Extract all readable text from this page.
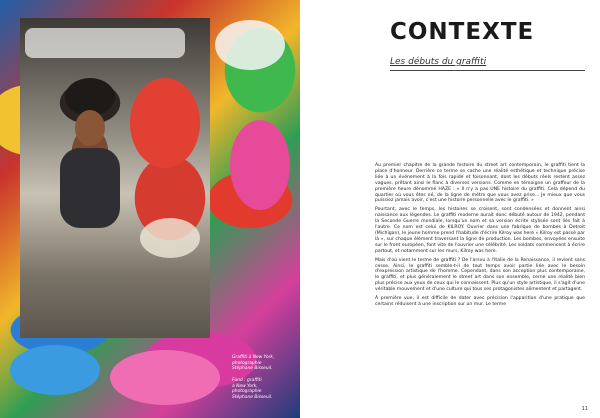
Graffiti à New York,
photographie
Stéphane Bisseuil.
Fond : graffiti
à New York,
photographie
Stéphane Bisseuil.
CONTEXTE
Les débuts du graffiti

Au premier chapitre de la grande histoire du street art contemporain, le graffiti tient la place d'honneur. Derrière ce terme se cache une réalité esthétique et technique précise liée à un événement à la fois rapide et foisonnant, dont les débuts réels restent assez vagues, prêtant ainsi le flanc à diverses versions. Comme en témoigne un graffeur de la première heure dénommé HAZE : « Il n'y a pas UNE histoire du graffiti. Cela dépend du quartier où vous êtes né, de la ligne de métro que vous avez prise... Je mieux que vous puissiez jamais avoir, c'est une histoire personnelle avec le graffiti. »

Pourtant, avec le temps, les histoires se croisent, sont condensées et donnent ainsi naissance aux légendes. Le graffiti moderne aurait donc débuté autour de 1942, pendant la Seconde Guerre mondiale, lorsqu'un nom et sa version écrite stylisée sont liés fait à l'autre. Ce nom est celui de KILROY. Ouvrier dans une fabrique de bombes à Detroit (Michigan), le jeune homme prend l'habitude d'écrire Kilroy was here « Kilroy est passé par là », sur chaque élément traversant la ligne de production. Les bombes, envoyées ensuite sur le front européen, font vite de l'ouvrier une célébrité. Les soldats commencent à écrire partout, et notamment sur les murs, Kilroy was here.

Mais d'où vient le terme de graffiti ? De l'arsvu à l'Italie de la Renaissance, il revient sans cesse. Ainsi, le graffiti semble-t-il de tout temps avoir partie liée avec le besoin d'expression artistique de l'homme. Cependant, dans son acception plus contemporaine, le graffiti, et plus généralement le street art dans son ensemble, cerne une réalité bien plus précise aux yeux de ceux qui le connaissent. Plus qu'un style artistique, il s'agit d'une véritable mouvement et d'une culture qui tous ses protagonistes alimentent et partagent.

À première vue, il est difficile de dater avec précision l'apparition d'une pratique que certains réduisent à une inscription sur un mur. Le terme

11
